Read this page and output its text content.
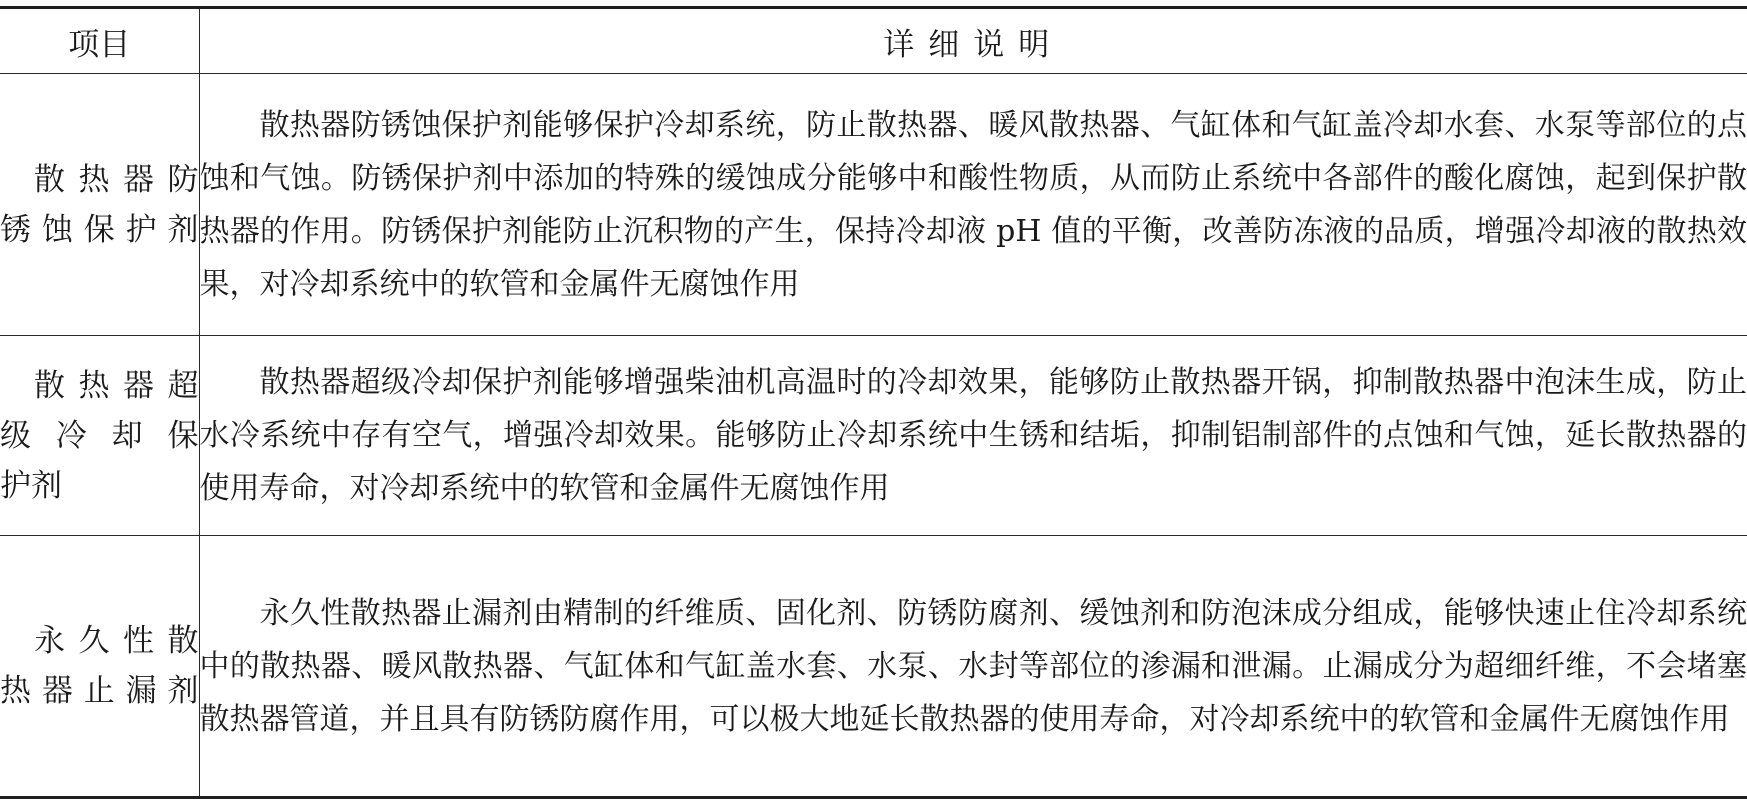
项目	详细说明

散热器防
锈蚀保护剂	散热器防锈蚀保护剂能够保护冷却系统，防止散热器、暖风散热器、气缸体和气缸盖冷却水套、水泵等部位的点蚀和气蚀。防锈保护剂中添加的特殊的缓蚀成分能够中和酸性物质，从而防止系统中各部件的酸化腐蚀，起到保护散热器的作用。防锈保护剂能防止沉积物的产生，保持冷却液 pH 值的平衡，改善防冻液的品质，增强冷却液的散热效果，对冷却系统中的软管和金属件无腐蚀作用

散热器超
级冷却保
护剂	散热器超级冷却保护剂能够增强柴油机高温时的冷却效果，能够防止散热器开锅，抑制散热器中泡沫生成，防止水冷系统中存有空气，增强冷却效果。能够防止冷却系统中生锈和结垢，抑制铝制部件的点蚀和气蚀，延长散热器的使用寿命，对冷却系统中的软管和金属件无腐蚀作用

永久性散
热器止漏剂	永久性散热器止漏剂由精制的纤维质、固化剂、防锈防腐剂、缓蚀剂和防泡沫成分组成，能够快速止住冷却系统中的散热器、暖风散热器、气缸体和气缸盖水套、水泵、水封等部位的渗漏和泄漏。止漏成分为超细纤维，不会堵塞散热器管道，并且具有防锈防腐作用，可以极大地延长散热器的使用寿命，对冷却系统中的软管和金属件无腐蚀作用
